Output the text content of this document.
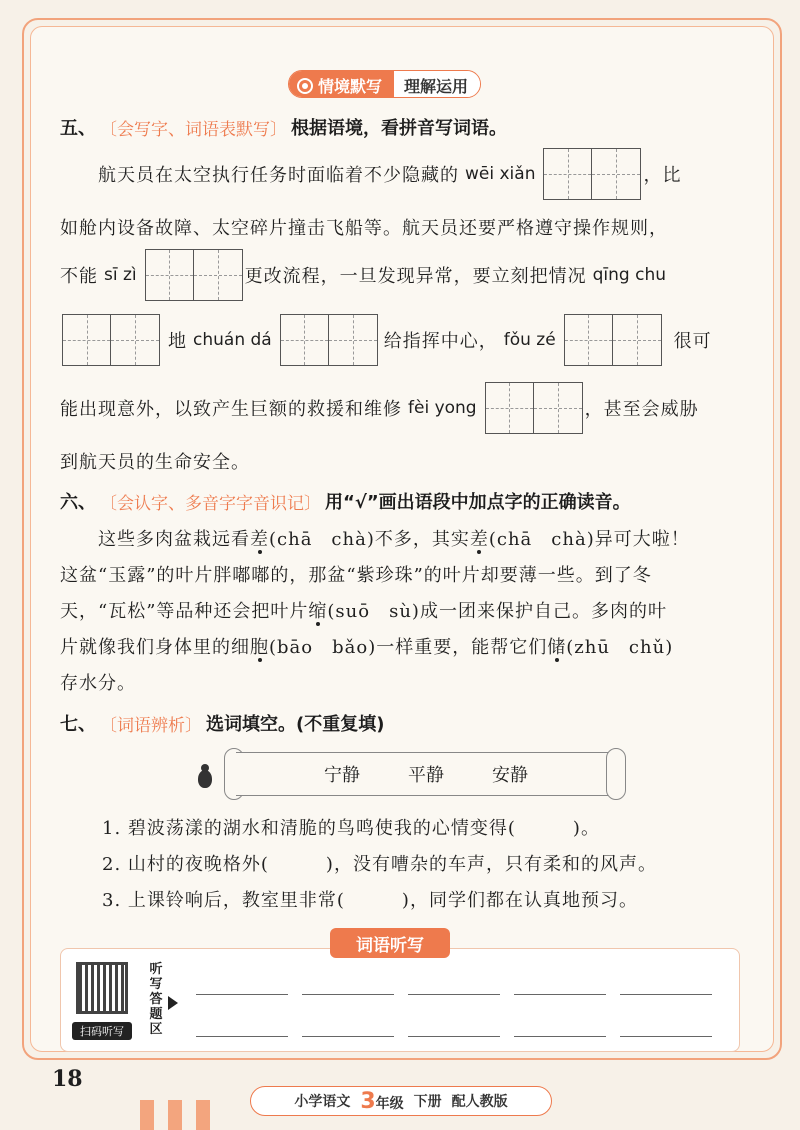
情境默写	理解运用
五、	〔 会写字、词语表默写 〕	根据语境，看拼音写词语。
航天员在太空执行任务时面临着不少隐藏的 wēi xiǎn	，比
如舱内设备故障、太空碎片撞击飞船等。航天员还要严格遵守操作规则，
不能 sī zì	更改流程，一旦发现异常，要立刻把情况 qīng chu
地 chuán dá	给指挥中心， fǒu zé	很可
能出现意外，以致产生巨额的救援和维修 fèi yong	，甚至会威胁
到航天员的生命安全。
六、	〔 会认字、多音字字音识记 〕	用“√”画出语段中加点字的正确读音。
这些多肉盆栽远看差(chā　chà)不多，其实差(chā　chà)异可大啦！
这盆“玉露”的叶片胖嘟嘟的，那盆“紫珍珠”的叶片却要薄一些。到了冬
天，“瓦松”等品种还会把叶片缩(suō　sù)成一团来保护自己。多肉的叶
片就像我们身体里的细胞(bāo　bǎo)一样重要，能帮它们储(zhū　chǔ)
存水分。
七、	〔 词语辨析 〕	选词填空。(不重复填)
宁静	平静	安静
1. 碧波荡漾的湖水和清脆的鸟鸣使我的心情变得(　　　)。
2. 山村的夜晚格外(　　　)，没有嘈杂的车声，只有柔和的风声。
3. 上课铃响后，教室里非常(　　　)，同学们都在认真地预习。
词语听写
扫码听写
听写答题区
18
小学语文 3年级 下册 配人教版
